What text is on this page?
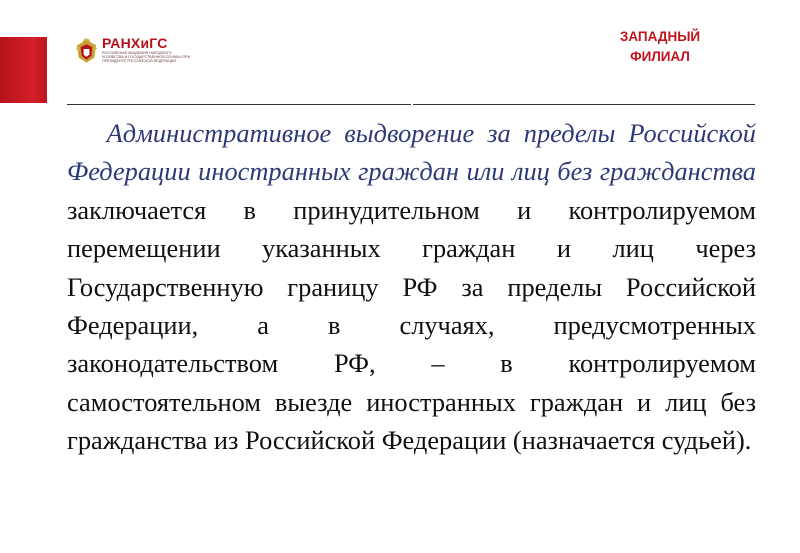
РАНХиГС
РОССИЙСКАЯ АКАДЕМИЯ НАРОДНОГО ХОЗЯЙСТВА И ГОСУДАРСТВЕННОЙ СЛУЖБЫ ПРИ ПРЕЗИДЕНТЕ РОССИЙСКОЙ ФЕДЕРАЦИИ
ЗАПАДНЫЙ
ФИЛИАЛ
  Административное выдворение за пределы Российской Федерации иностранных граждан или лиц без гражданства заключается в принудительном и контролируемом перемещении указанных граждан и лиц через Государственную границу РФ за пределы Российской Федерации, а в случаях, предусмотренных законодательством РФ, – в контролируемом самостоятельном выезде иностранных граждан и лиц без гражданства из Российской Федерации (назначается судьей).
